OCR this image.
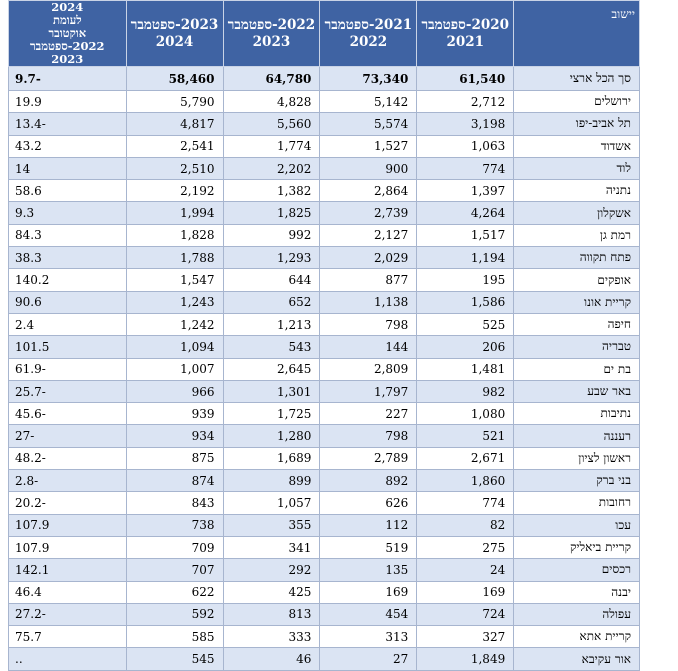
יישוב	2020-ספטמבר 2021	2021-ספטמבר 2022	2022-ספטמבר 2023	2023-ספטמבר 2024	2024
לעומת
אוקטובר
2022-ספטמבר 2023

סך הכל ארצי	61,540	73,340	64,780	58,460	9.7-
ירושלים	2,712	5,142	4,828	5,790	19.9
תל אביב-יפו	3,198	5,574	5,560	4,817	13.4-
אשדוד	1,063	1,527	1,774	2,541	43.2
לוד	774	900	2,202	2,510	14
נתניה	1,397	2,864	1,382	2,192	58.6
אשקלון	4,264	2,739	1,825	1,994	9.3
רמת גן	1,517	2,127	992	1,828	84.3
פתח תקווה	1,194	2,029	1,293	1,788	38.3
אופקים	195	877	644	1,547	140.2
קריית אונו	1,586	1,138	652	1,243	90.6
חיפה	525	798	1,213	1,242	2.4
טבריה	206	144	543	1,094	101.5
בת ים	1,481	2,809	2,645	1,007	61.9-
באר שבע	982	1,797	1,301	966	25.7-
נתיבות	1,080	227	1,725	939	45.6-
רעננה	521	798	1,280	934	27-
ראשון לציון	2,671	2,789	1,689	875	48.2-
בני ברק	1,860	892	899	874	2.8-
רחובות	774	626	1,057	843	20.2-
עכו	82	112	355	738	107.9
קריית ביאליק	275	519	341	709	107.9
רכסים	24	135	292	707	142.1
יבנה	169	169	425	622	46.4
עפולה	724	454	813	592	27.2-
קריית אתא	327	313	333	585	75.7
אור עקיבא	1,849	27	46	545	..
